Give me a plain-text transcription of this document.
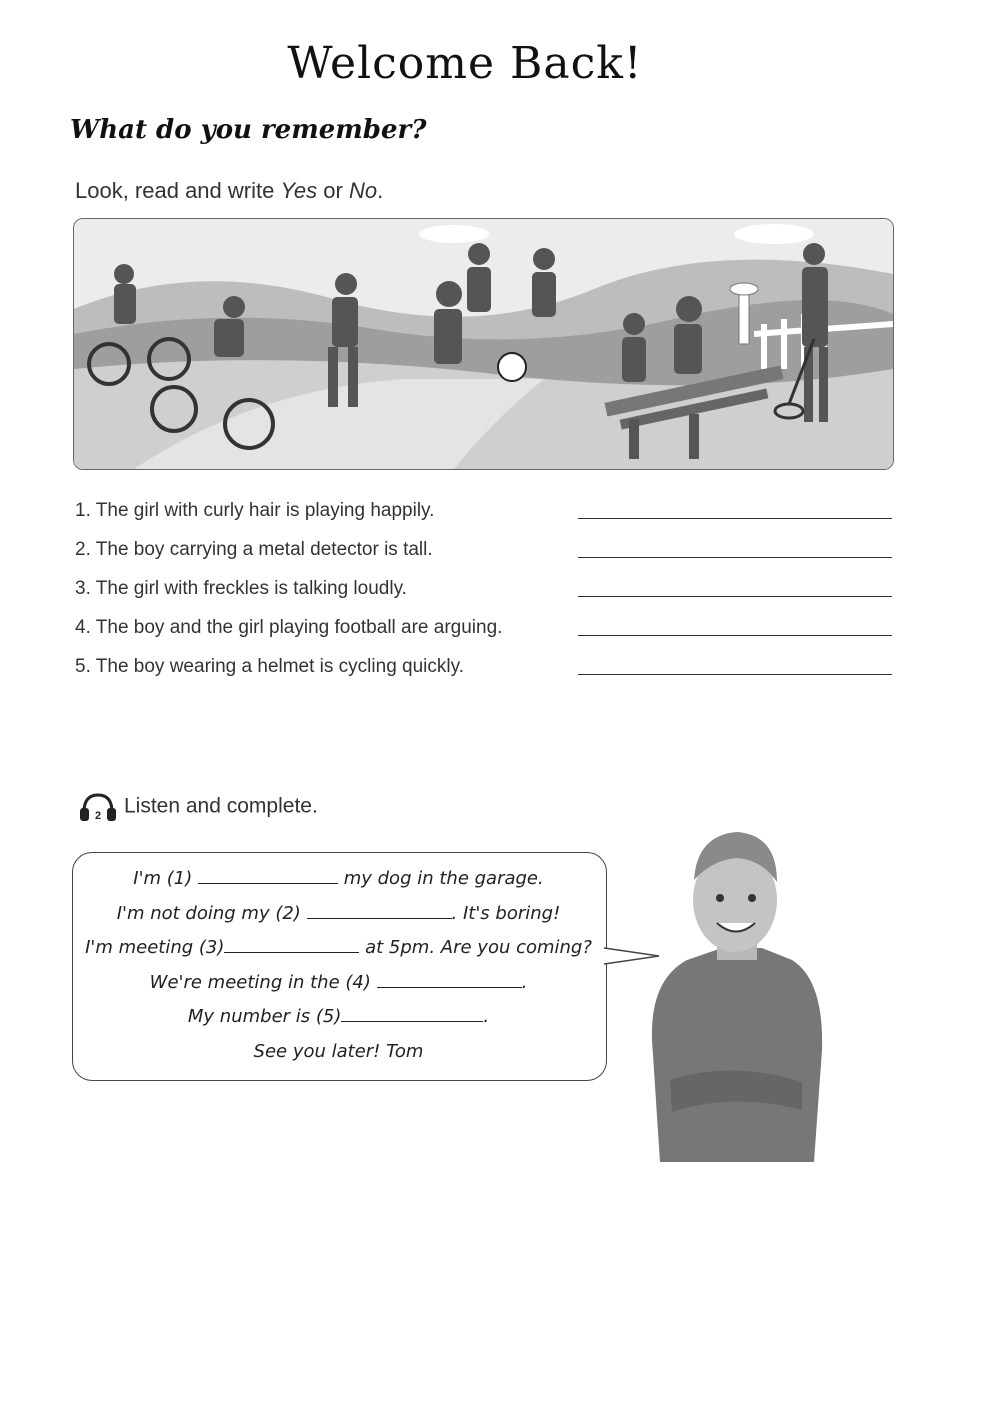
Welcome Back!
What do you remember?
Look, read and write Yes or No.
1. The girl with curly hair is playing happily.
2. The boy carrying a metal detector is tall.
3. The girl with freckles is talking loudly.
4. The boy and the girl playing football are arguing.
5. The boy wearing a helmet is cycling quickly.
2 Listen and complete.
I'm (1)	my dog in the garage.
I'm not doing my (2)	. It's boring!
I'm meeting (3)	at 5pm. Are you coming?
We're meeting in the (4)	.
My number is (5)	.
See you later! Tom
